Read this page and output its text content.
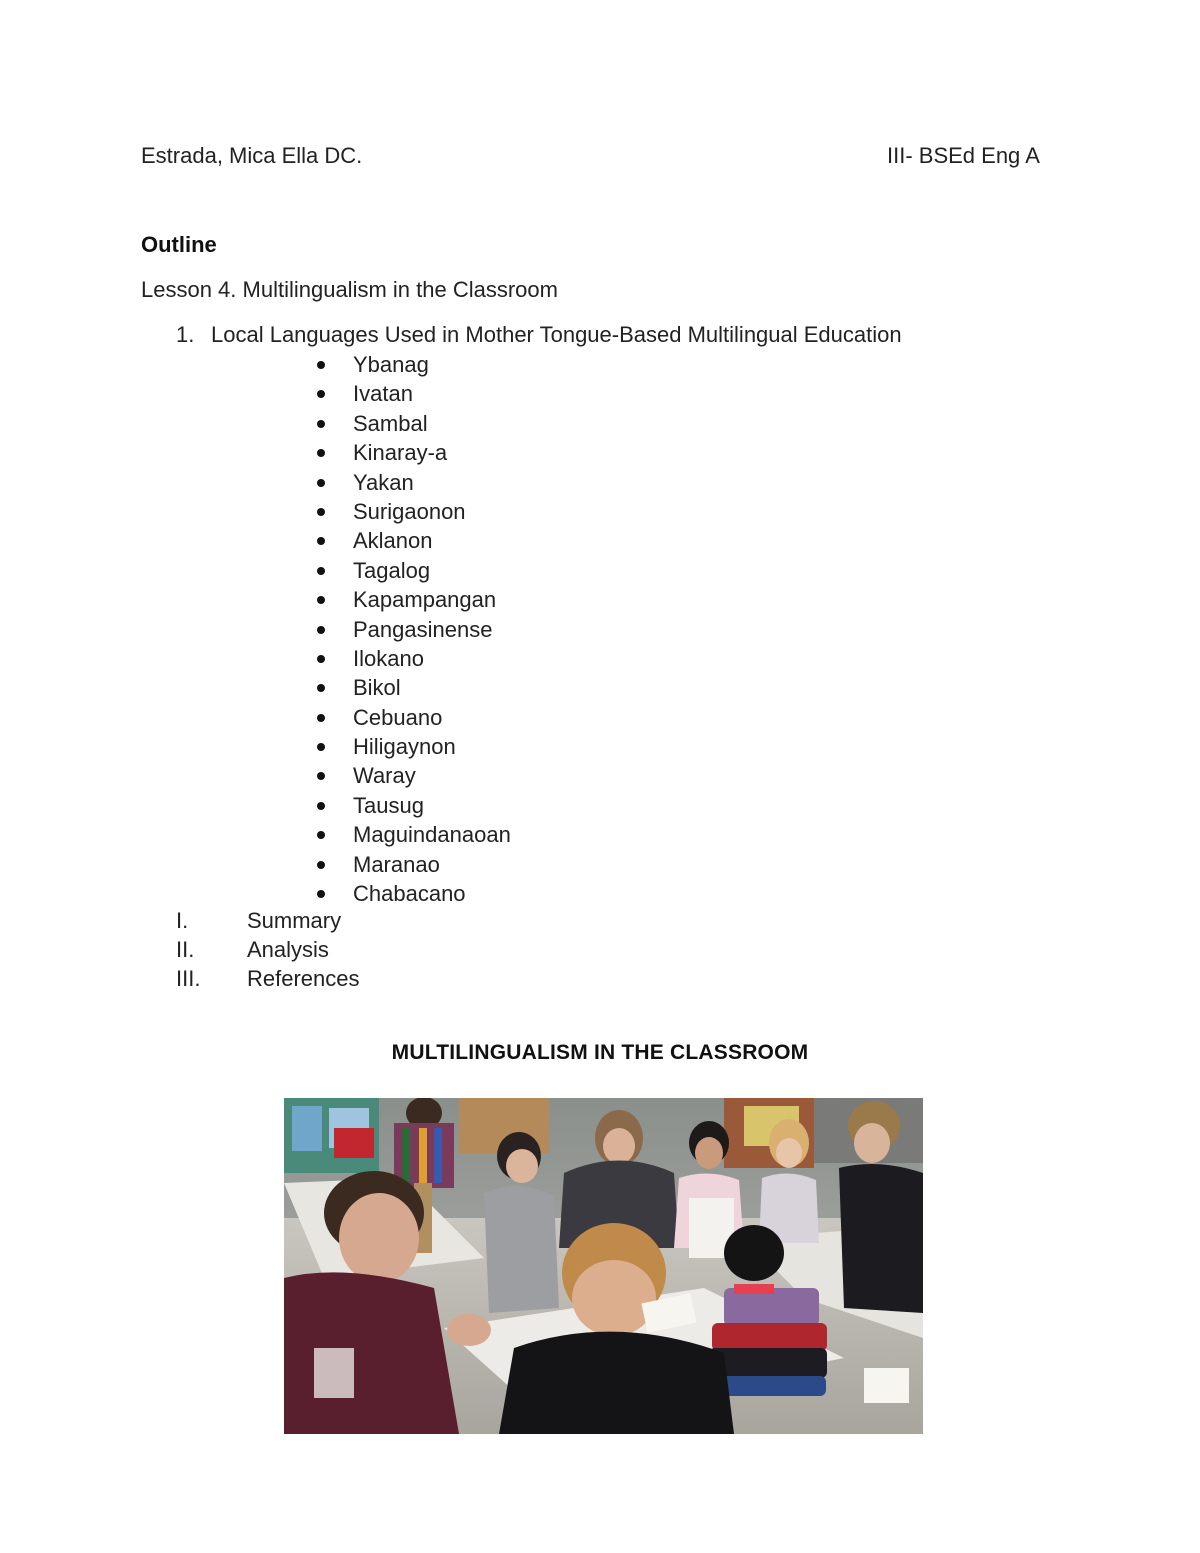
Estrada, Mica Ella DC.	III- BSEd Eng A
Outline
Lesson 4. Multilingualism in the Classroom
1. Local Languages Used in Mother Tongue-Based Multilingual Education
Ybanag
Ivatan
Sambal
Kinaray-a
Yakan
Surigaonon
Aklanon
Tagalog
Kapampangan
Pangasinense
Ilokano
Bikol
Cebuano
Hiligaynon
Waray
Tausug
Maguindanaoan
Maranao
Chabacano
I.	Summary
II. Analysis
III. References
MULTILINGUALISM IN THE CLASSROOM
